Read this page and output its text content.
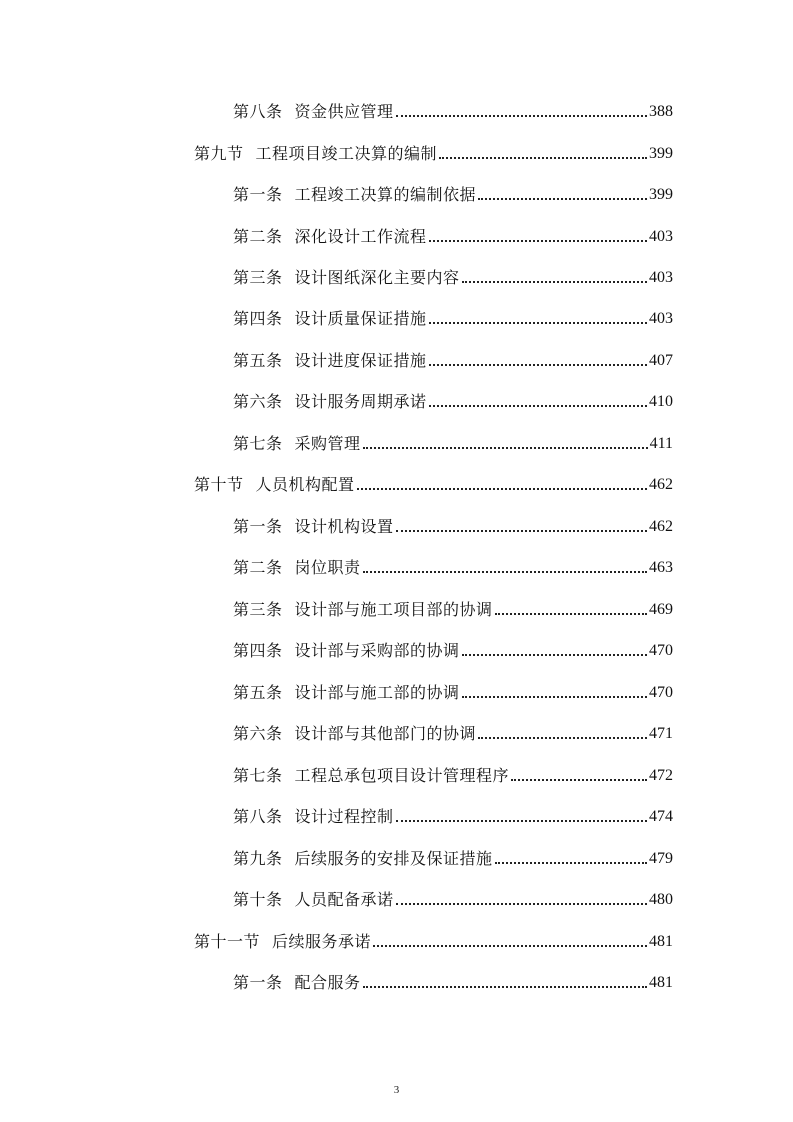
第八条 资金供应管理	388
第九节 工程项目竣工决算的编制	399
第一条 工程竣工决算的编制依据	399
第二条 深化设计工作流程	403
第三条 设计图纸深化主要内容	403
第四条 设计质量保证措施	403
第五条 设计进度保证措施	407
第六条 设计服务周期承诺	410
第七条 采购管理	411
第十节 人员机构配置	462
第一条 设计机构设置	462
第二条 岗位职责	463
第三条 设计部与施工项目部的协调	469
第四条 设计部与采购部的协调	470
第五条 设计部与施工部的协调	470
第六条 设计部与其他部门的协调	471
第七条 工程总承包项目设计管理程序	472
第八条 设计过程控制	474
第九条 后续服务的安排及保证措施	479
第十条 人员配备承诺	480
第十一节 后续服务承诺	481
第一条 配合服务	481
3
